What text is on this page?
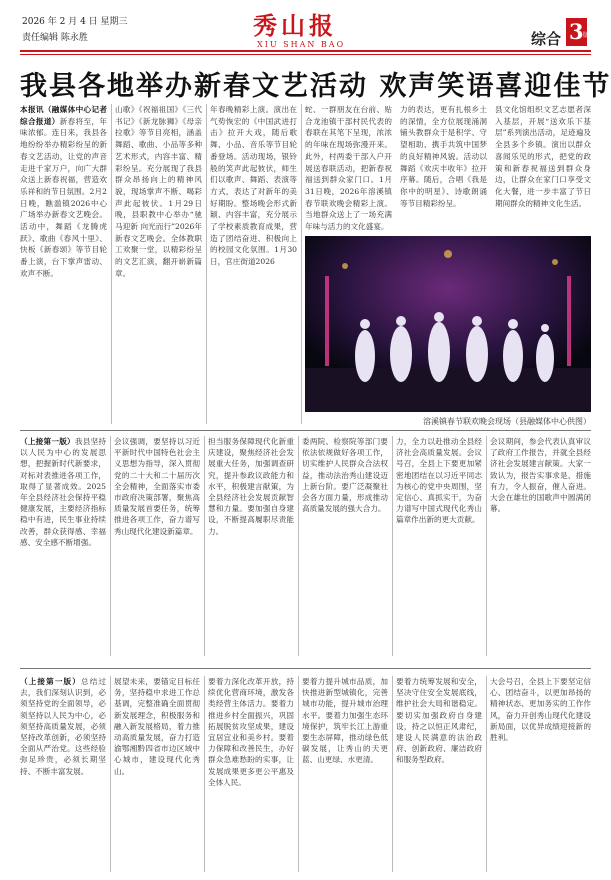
2026 年 2 月 4 日 星期三
责任编辑 陈永胜	秀山报
XIU SHAN BAO	综合 3 版
我县各地举办新春文艺活动 欢声笑语喜迎佳节
本报讯（融媒体中心记者 综合报道）新春将至，年味浓郁。连日来，我县各地纷纷举办精彩纷呈的新春文艺活动，让党的声音走进千家万户，向广大群众送上新春祝福，营造欢乐祥和的节日氛围。2月2日晚，瞧滥镇2026中心广场举办新春文艺晚会。活动中，舞蹈《龙腾虎跃》、歌曲《春风十里》、快板《新春颂》等节目轮番上演，台下掌声雷动、欢声不断。
山歌》《祝福祖国》《三代书记》《新龙脉狮》《母亲拉歌》等节目亮相，涵盖舞蹈、歌曲、小品等多种艺术形式，内容丰富、精彩纷呈。充分展现了我县群众昂扬向上的精神风貌，现场掌声不断、喝彩声此起彼伏。1月29日晚，县职教中心举办“驰马迎新 向光而行”2026年新春文艺晚会。全体教职工欢聚一堂，以精彩纷呈的文艺汇演，翻开崭新篇章。
年春晚精彩上演。演出在气势恢宏的《中国武进打击》拉开大戏，随后歌舞、小品、音乐等节目轮番登场。活动现场，银铃般的笑声此起彼伏，师生们以歌声、舞蹈、表演等方式，表达了对新年的美好期盼。整场晚会形式新颖、内容丰富，充分展示了学校素质教育成果，营造了团结奋进、积极向上的校园文化氛围。1月30日，官庄街道2026
蛇、一群朋友在台前、贴合龙池镇干部村民代表的春联在其笔下呈现，浓浓的年味在现场弥漫开来。此外，村两委干部入户开展送春联活动，把新春祝福送到群众家门口。1月31日晚，2026年溶溪镇春节联欢晚会精彩上演。当地群众送上了一场充满年味与活力的文化盛宴。
力的表达，更有扎根乡土的深情，全方位展现涌洞铺头教群众于是积学、守望相助、携手共筑中国梦的良好精神风貌。活动以舞蹈《欢庆丰收年》拉开序幕。随后，合唱《我是你中的明星》、诗歌朗诵等节目精彩纷呈。
县文化馆组织文艺志愿者深入基层，开展“送欢乐下基层”系列演出活动，足迹遍及全县多个乡镇。演出以群众喜闻乐见的形式，把党的政策和新春祝福送到群众身边，让群众在家门口享受文化大餐，进一步丰富了节日期间群众的精神文化生活。
溶溪镇春节联欢晚会现场（县融媒体中心供图）
（上接第一版）我县坚持以人民为中心的发展思想，把握新时代新要求，对标对表推进各项工作，取得了显著成效。2025年全县经济社会保持平稳健康发展，主要经济指标稳中有进，民生事业持续改善，群众获得感、幸福感、安全感不断增强。
会议强调，要坚持以习近平新时代中国特色社会主义思想为指导，深入贯彻党的二十大和二十届历次全会精神，全面落实市委市政府决策部署，聚焦高质量发展首要任务，统筹推进各项工作，奋力谱写秀山现代化建设新篇章。
担当服务保障现代化新重庆建设，聚焦经济社会发展重大任务，加强调查研究，提升参政议政能力和水平，积极建言献策，为全县经济社会发展贡献智慧和力量。要加强自身建设，不断提高履职尽责能力。
委两院、检察院等部门要依法依规做好各项工作，切实维护人民群众合法权益，推动法治秀山建设迈上新台阶。要广泛凝聚社会各方面力量，形成推动高质量发展的强大合力。
力，全力以赴推动全县经济社会高质量发展。会议号召，全县上下要更加紧密地团结在以习近平同志为核心的党中央周围，坚定信心、真抓实干，为奋力谱写中国式现代化秀山篇章作出新的更大贡献。
会议期间，参会代表认真审议了政府工作报告，并就全县经济社会发展建言献策。大家一致认为，报告实事求是、措施有力，令人振奋，催人奋进。大会在雄壮的国歌声中圆满闭幕。
（上接第一版）总结过去，我们深刻认识到，必须坚持党的全面领导，必须坚持以人民为中心，必须坚持高质量发展，必须坚持改革创新，必须坚持全面从严治党。这些经验弥足珍贵，必须长期坚持、不断丰富发展。
展望未来，要锚定目标任务，坚持稳中求进工作总基调，完整准确全面贯彻新发展理念，积极服务和融入新发展格局，着力推动高质量发展，奋力打造渝鄂湘黔四省市边区域中心城市，建设现代化秀山。
要着力深化改革开放，持续优化营商环境，激发各类经营主体活力。要着力推进乡村全面振兴，巩固拓展脱贫攻坚成果，建设宜居宜业和美乡村。要着力保障和改善民生，办好群众急难愁盼的实事，让发展成果更多更公平惠及全体人民。
要着力提升城市品质，加快推进新型城镇化，完善城市功能，提升城市治理水平。要着力加强生态环境保护，筑牢长江上游重要生态屏障，推动绿色低碳发展，让秀山的天更蓝、山更绿、水更清。
要着力统筹发展和安全，坚决守住安全发展底线，维护社会大局和谐稳定。要切实加强政府自身建设，持之以恒正风肃纪，建设人民满意的法治政府、创新政府、廉洁政府和服务型政府。
大会号召，全县上下要坚定信心、团结奋斗，以更加昂扬的精神状态、更加务实的工作作风，奋力开创秀山现代化建设新局面，以优异成绩迎接新的胜利。
